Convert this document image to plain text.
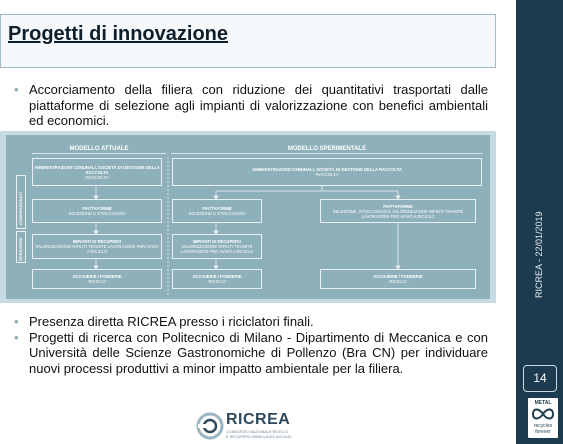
Progetti di innovazione
• Accorciamento della filiera con riduzione dei quantitativi trasportati dalle piattaforme di selezione agli impianti di valorizzazione con benefici ambientali ed economici.
MODELLO ATTUALE	MODELLO SPERIMENTALE
CONVENZIONATI
OPERATORI
AMMINISTRAZIONI COMUNALI, SOCIETÀ DI GESTIONE DELLA RACCOLTA
- RACCOLTA -
PIATTAFORME
SELEZIONE E STOCCAGGIO
IMPIANTI DI RECUPERO
VALORIZZAZIONE RIFIUTI TRAMITE LAVORAZIONI PER AVVIO A RICICLO
ACCIAIERIE / FONDERIE
- RICICLO -
AMMINISTRAZIONI COMUNALI, SOCIETÀ DI GESTIONE DELLA RACCOLTA
- RACCOLTA -
PIATTAFORME
SELEZIONE E STOCCAGGIO
PIATTAFORME
SELEZIONE, STOCCAGGIO E VALORIZZAZIONE RIFIUTI TRAMITE LAVORAZIONI PER AVVIO A RICICLO
IMPIANTI DI RECUPERO
VALORIZZAZIONE RIFIUTI TRAMITE LAVORAZIONI PER AVVIO A RICICLO
ACCIAIERIE / FONDERIE
- RICICLO -
ACCIAIERIE / FONDERIE
- RICICLO -
• Presenza diretta RICREA presso i riciclatori finali.
• Progetti di ricerca con Politecnico di Milano - Dipartimento di Meccanica e con Università delle Scienze Gastronomiche di Pollenzo (Bra CN) per individuare nuovi processi produttivi a minor impatto ambientale per la filiera.
RICREA
CONSORZIO NAZIONALE RICICLO
E RECUPERO IMBALLAGGI ACCIAIO
RICREA - 22/01/2019
14
METAL
recycles
forever
